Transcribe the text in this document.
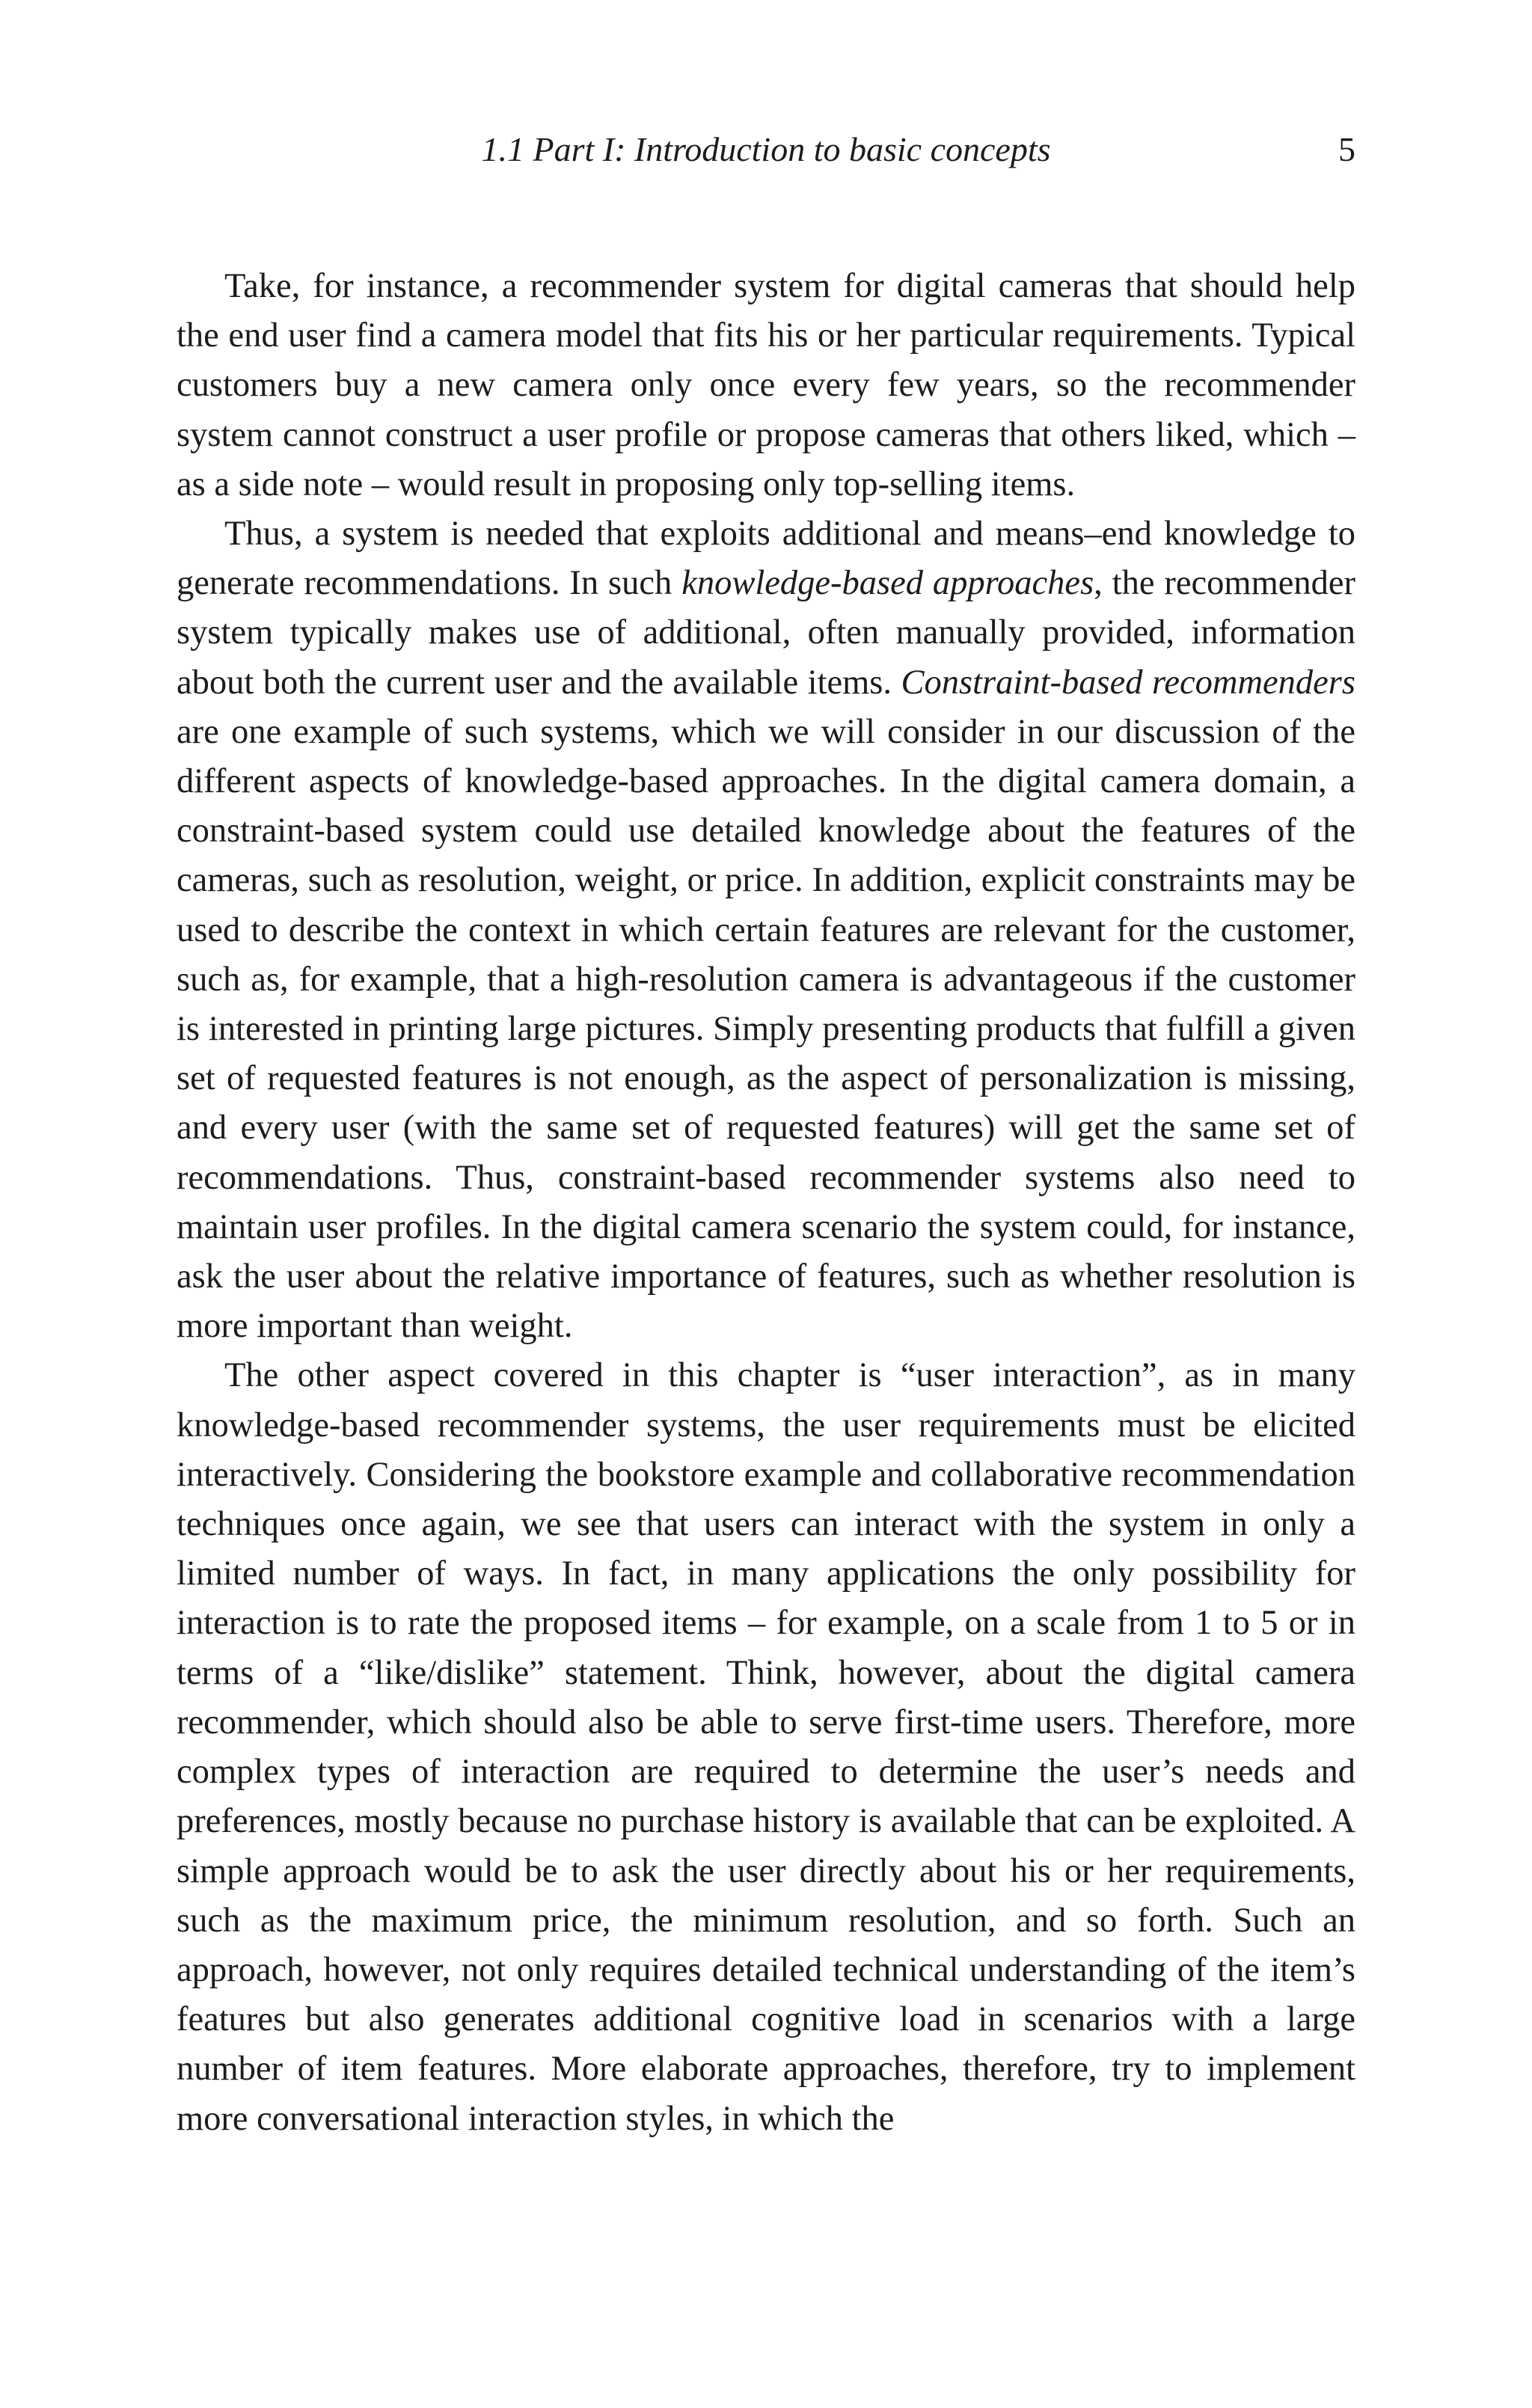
1.1 Part I: Introduction to basic concepts	5

Take, for instance, a recommender system for digital cameras that should help the end user find a camera model that fits his or her particular requirements. Typical customers buy a new camera only once every few years, so the recommender system cannot construct a user profile or propose cameras that others liked, which – as a side note – would result in proposing only top-selling items.

Thus, a system is needed that exploits additional and means–end knowledge to generate recommendations. In such knowledge-based approaches, the recommender system typically makes use of additional, often manually provided, information about both the current user and the available items. Constraint-based recommenders are one example of such systems, which we will consider in our discussion of the different aspects of knowledge-based approaches. In the digital camera domain, a constraint-based system could use detailed knowledge about the features of the cameras, such as resolution, weight, or price. In addition, explicit constraints may be used to describe the context in which certain features are relevant for the customer, such as, for example, that a high-resolution camera is advantageous if the customer is interested in printing large pictures. Simply presenting products that fulfill a given set of requested features is not enough, as the aspect of personalization is missing, and every user (with the same set of requested features) will get the same set of recommendations. Thus, constraint-based recommender systems also need to maintain user profiles. In the digital camera scenario the system could, for instance, ask the user about the relative importance of features, such as whether resolution is more important than weight.

The other aspect covered in this chapter is “user interaction”, as in many knowledge-based recommender systems, the user requirements must be elicited interactively. Considering the bookstore example and collaborative recommendation techniques once again, we see that users can interact with the system in only a limited number of ways. In fact, in many applications the only possibility for interaction is to rate the proposed items – for example, on a scale from 1 to 5 or in terms of a “like/dislike” statement. Think, however, about the digital camera recommender, which should also be able to serve first-time users. Therefore, more complex types of interaction are required to determine the user’s needs and preferences, mostly because no purchase history is available that can be exploited. A simple approach would be to ask the user directly about his or her requirements, such as the maximum price, the minimum resolution, and so forth. Such an approach, however, not only requires detailed technical understanding of the item’s features but also generates additional cognitive load in scenarios with a large number of item features. More elaborate approaches, therefore, try to implement more conversational interaction styles, in which the
